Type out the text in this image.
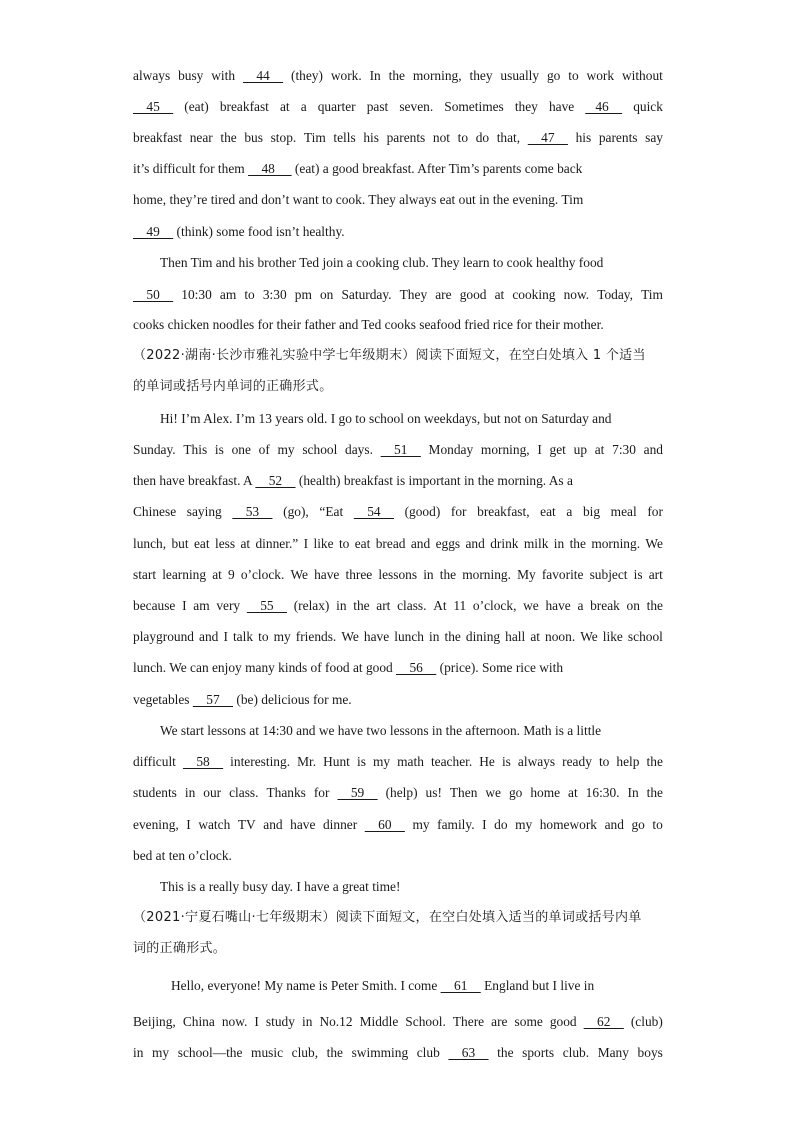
always busy with 44 (they) work. In the morning, they usually go to work without
45 (eat) breakfast at a quarter past seven. Sometimes they have 46 quick
breakfast near the bus stop. Tim tells his parents not to do that, 47 his parents say
it’s difficult for them     48      (eat) a good breakfast. After Tim’s parents come back
home, they’re tired and don’t want to cook. They always eat out in the evening. Tim
49     (think) some food isn’t healthy.
Then Tim and his brother Ted join a cooking club. They learn to cook healthy food
50 10:30 am to 3:30 pm on Saturday. They are good at cooking now. Today, Tim
cooks chicken noodles for their father and Ted cooks seafood fried rice for their mother.
（2022·湖南·长沙市雅礼实验中学七年级期末）阅读下面短文，在空白处填入 1 个适当
的单词或括号内单词的正确形式。
Hi! I’m Alex. I’m 13 years old. I go to school on weekdays, but not on Saturday and
Sunday. This is one of my school days. 51 Monday morning, I get up at 7:30 and
then have breakfast. A     52     (health) breakfast is important in the morning. As a
Chinese saying 53 (go), “Eat 54 (good) for breakfast, eat a big meal for
lunch, but eat less at dinner.” I like to eat bread and eggs and drink milk in the morning. We
start learning at 9 o’clock. We have three lessons in the morning. My favorite subject is art
because I am very 55 (relax) in the art class. At 11 o’clock, we have a break on the
playground and I talk to my friends. We have lunch in the dining hall at noon. We like school
lunch. We can enjoy many kinds of food at good     56     (price). Some rice with
vegetables     57     (be) delicious for me.
We start lessons at 14:30 and we have two lessons in the afternoon. Math is a little
difficult 58 interesting. Mr. Hunt is my math teacher. He is always ready to help the
students in our class. Thanks for 59 (help) us! Then we go home at 16:30. In the
evening, I watch TV and have dinner 60 my family. I do my homework and go to
bed at ten o’clock.
This is a really busy day. I have a great time!
（2021·宁夏石嘴山·七年级期末）阅读下面短文，在空白处填入适当的单词或括号内单
词的正确形式。
Hello, everyone! My name is Peter Smith. I come     61     England but I live in
Beijing, China now. I study in No.12 Middle School. There are some good 62 (club)
in my school—the music club, the swimming club 63 the sports club. Many boys
